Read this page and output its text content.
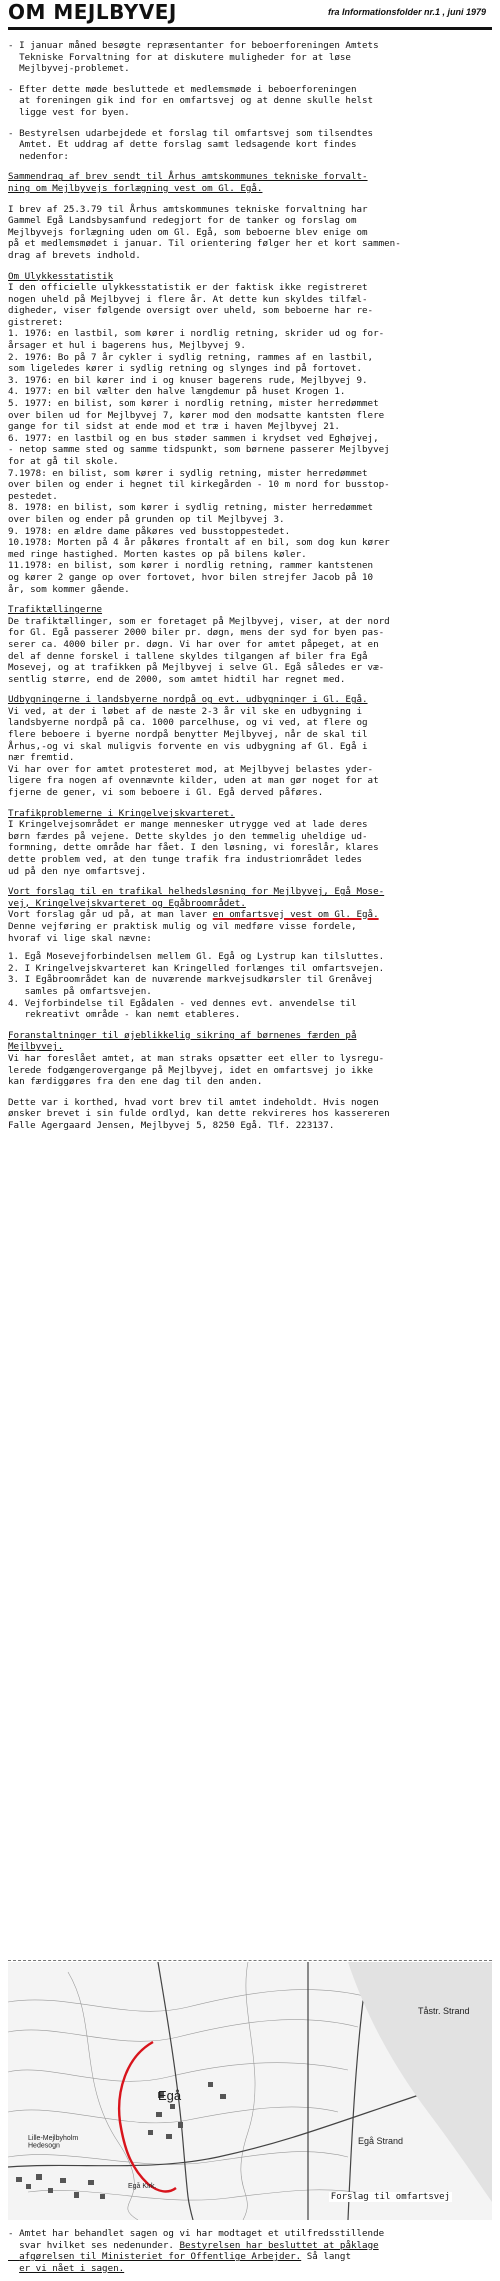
OM MEJLBYVEJ	fra Informationsfolder nr.1 , juni 1979

- I januar måned besøgte repræsentanter for beboerforeningen Amtets
Tekniske Forvaltning for at diskutere muligheder for at løse
Mejlbyvej-problemet.

- Efter dette møde besluttede et medlemsmøde i beboerforeningen
at foreningen gik ind for en omfartsvej og at denne skulle helst
ligge vest for byen.

- Bestyrelsen udarbejdede et forslag til omfartsvej som tilsendtes
Amtet. Et uddrag af dette forslag samt ledsagende kort findes
nedenfor:

Sammendrag af brev sendt til Århus amtskommunes tekniske forvalt-
ning om Mejlbyvejs forlægning vest om Gl. Egå.

I brev af 25.3.79 til Århus amtskommunes tekniske forvaltning har
Gammel Egå Landsbysamfund redegjort for de tanker og forslag om
Mejlbyvejs forlægning uden om Gl. Egå, som beboerne blev enige om
på et medlemsmødet i januar. Til orientering følger her et kort sammen-
drag af brevets indhold.

Om Ulykkesstatistik

I den officielle ulykkesstatistik er der faktisk ikke registreret
nogen uheld på Mejlbyvej i flere år. At dette kun skyldes tilfæl-
digheder, viser følgende oversigt over uheld, som beboerne har re-
gistreret:

1. 1976: en lastbil, som kører i nordlig retning, skrider ud og for-
årsager et hul i bagerens hus, Mejlbyvej 9.

2. 1976: Bo på 7 år cykler i sydlig retning, rammes af en lastbil,
som ligeledes kører i sydlig retning og slynges ind på fortovet.

3. 1976: en bil kører ind i og knuser bagerens rude, Mejlbyvej 9.

4. 1977: en bil vælter den halve længdemur på huset Krogen 1.

5. 1977: en bilist, som kører i nordlig retning, mister herredømmet
over bilen ud for Mejlbyvej 7, kører mod den modsatte kantsten flere
gange for til sidst at ende mod et træ i haven Mejlbyvej 21.

6. 1977: en lastbil og en bus støder sammen i krydset ved Eghøjvej,
- netop samme sted og samme tidspunkt, som børnene passerer Mejlbyvej
for at gå til skole.

7.1978: en bilist, som kører i sydlig retning, mister herredømmet
over bilen og ender i hegnet til kirkegården - 10 m nord for busstop-
pestedet.

8. 1978: en bilist, som kører i sydlig retning, mister herredømmet
over bilen og ender på grunden op til Mejlbyvej 3.

9. 1978: en ældre dame påkøres ved busstoppestedet.

10.1978: Morten på 4 år påkøres frontalt af en bil, som dog kun kører
med ringe hastighed. Morten kastes op på bilens køler.

11.1978: en bilist, som kører i nordlig retning, rammer kantstenen
og kører 2 gange op over fortovet, hvor bilen strejfer Jacob på 10
år, som kommer gående.

Trafiktællingerne

De trafiktællinger, som er foretaget på Mejlbyvej, viser, at der nord
for Gl. Egå passerer 2000 biler pr. døgn, mens der syd for byen pas-
serer ca. 4000 biler pr. døgn. Vi har over for amtet påpeget, at en
del af denne forskel i tallene skyldes tilgangen af biler fra Egå
Mosevej, og at trafikken på Mejlbyvej i selve Gl. Egå således er væ-
sentlig større, end de 2000, som amtet hidtil har regnet med.

Udbygningerne i landsbyerne nordpå og evt. udbygninger i Gl. Egå.

Vi ved, at der i løbet af de næste 2-3 år vil ske en udbygning i
landsbyerne nordpå på ca. 1000 parcelhuse, og vi ved, at flere og
flere beboere i byerne nordpå benytter Mejlbyvej, når de skal til
Århus,-og vi skal muligvis forvente en vis udbygning af Gl. Egå i
nær fremtid.
Vi har over for amtet protesteret mod, at Mejlbyvej belastes yder-
ligere fra nogen af ovennævnte kilder, uden at man gør noget for at
fjerne de gener, vi som beboere i Gl. Egå derved påføres.

Trafikproblemerne i Kringelvejskvarteret.

I Kringelvejsområdet er mange mennesker utrygge ved at lade deres
børn færdes på vejene. Dette skyldes jo den temmelig uheldige ud-
formning, dette område har fået. I den løsning, vi foreslår, klares
dette problem ved, at den tunge trafik fra industriområdet ledes
ud på den nye omfartsvej.

Vort forslag til en trafikal helhedsløsning for Mejlbyvej, Egå Mose-
vej, Kringelvejskvarteret og Egåbroområdet.

Vort forslag går ud på, at man laver en omfartsvej vest om Gl. Egå.

Denne vejføring er praktisk mulig og vil medføre visse fordele,
hvoraf vi lige skal nævne:

1. Egå Mosevejforbindelsen mellem Gl. Egå og Lystrup kan tilsluttes.

2. I Kringelvejskvarteret kan Kringelled forlænges til omfartsvejen.

3. I Egåbroområdet kan de nuværende markvejsudkørsler til Grenåvej
samles på omfartsvejen.

4. Vejforbindelse til Egådalen - ved dennes evt. anvendelse til
rekreativt område - kan nemt etableres.

Foranstaltninger til øjeblikkelig sikring af børnenes færden på
Mejlbyvej.

Vi har foreslået amtet, at man straks opsætter eet eller to lysregu-
lerede fodgængerovergange på Mejlbyvej, idet en omfartsvej jo ikke
kan færdiggøres fra den ene dag til den anden.

Dette var i korthed, hvad vort brev til amtet indeholdt. Hvis nogen
ønsker brevet i sin fulde ordlyd, kan dette rekvireres hos kassereren
Falle Agergaard Jensen, Mejlbyvej 5, 8250 Egå. Tlf. 223137.

Egå
Tåstr. Strand
Egå Strand
Lille-Mejlbyholm Hedesogn
Egå Kirk.
Forslag til omfartsvej
- Amtet har behandlet sagen og vi har modtaget et utilfredsstillende
svar hvilket ses nedenunder. Bestyrelsen har besluttet at påklage
afgørelsen til Ministeriet for Offentlige Arbejder. Så langt
er vi nået i sagen.
